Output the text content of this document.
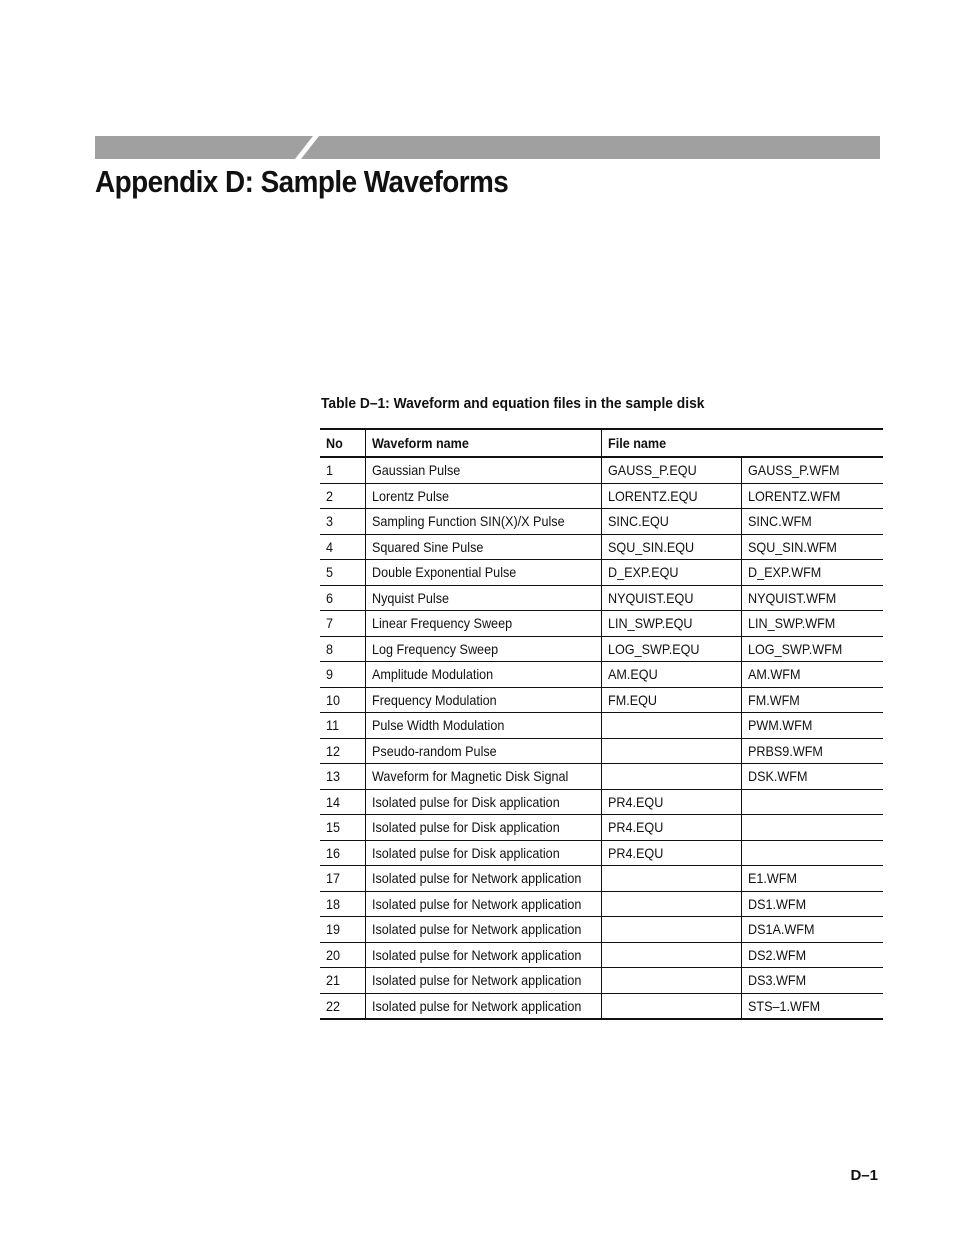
Appendix D: Sample Waveforms

Table D–1: Waveform and equation files in the sample disk

No	Waveform name	File name	
1	Gaussian Pulse	GAUSS_P.EQU	GAUSS_P.WFM
2	Lorentz Pulse	LORENTZ.EQU	LORENTZ.WFM
3	Sampling Function SIN(X)/X Pulse	SINC.EQU	SINC.WFM
4	Squared Sine Pulse	SQU_SIN.EQU	SQU_SIN.WFM
5	Double Exponential Pulse	D_EXP.EQU	D_EXP.WFM
6	Nyquist Pulse	NYQUIST.EQU	NYQUIST.WFM
7	Linear Frequency Sweep	LIN_SWP.EQU	LIN_SWP.WFM
8	Log Frequency Sweep	LOG_SWP.EQU	LOG_SWP.WFM
9	Amplitude Modulation	AM.EQU	AM.WFM
10	Frequency Modulation	FM.EQU	FM.WFM
11	Pulse Width Modulation		PWM.WFM
12	Pseudo-random Pulse		PRBS9.WFM
13	Waveform for Magnetic Disk Signal		DSK.WFM
14	Isolated pulse for Disk application	PR4.EQU	
15	Isolated pulse for Disk application	PR4.EQU	
16	Isolated pulse for Disk application	PR4.EQU	
17	Isolated pulse for Network application		E1.WFM
18	Isolated pulse for Network application		DS1.WFM
19	Isolated pulse for Network application		DS1A.WFM
20	Isolated pulse for Network application		DS2.WFM
21	Isolated pulse for Network application		DS3.WFM
22	Isolated pulse for Network application		STS–1.WFM
D–1
